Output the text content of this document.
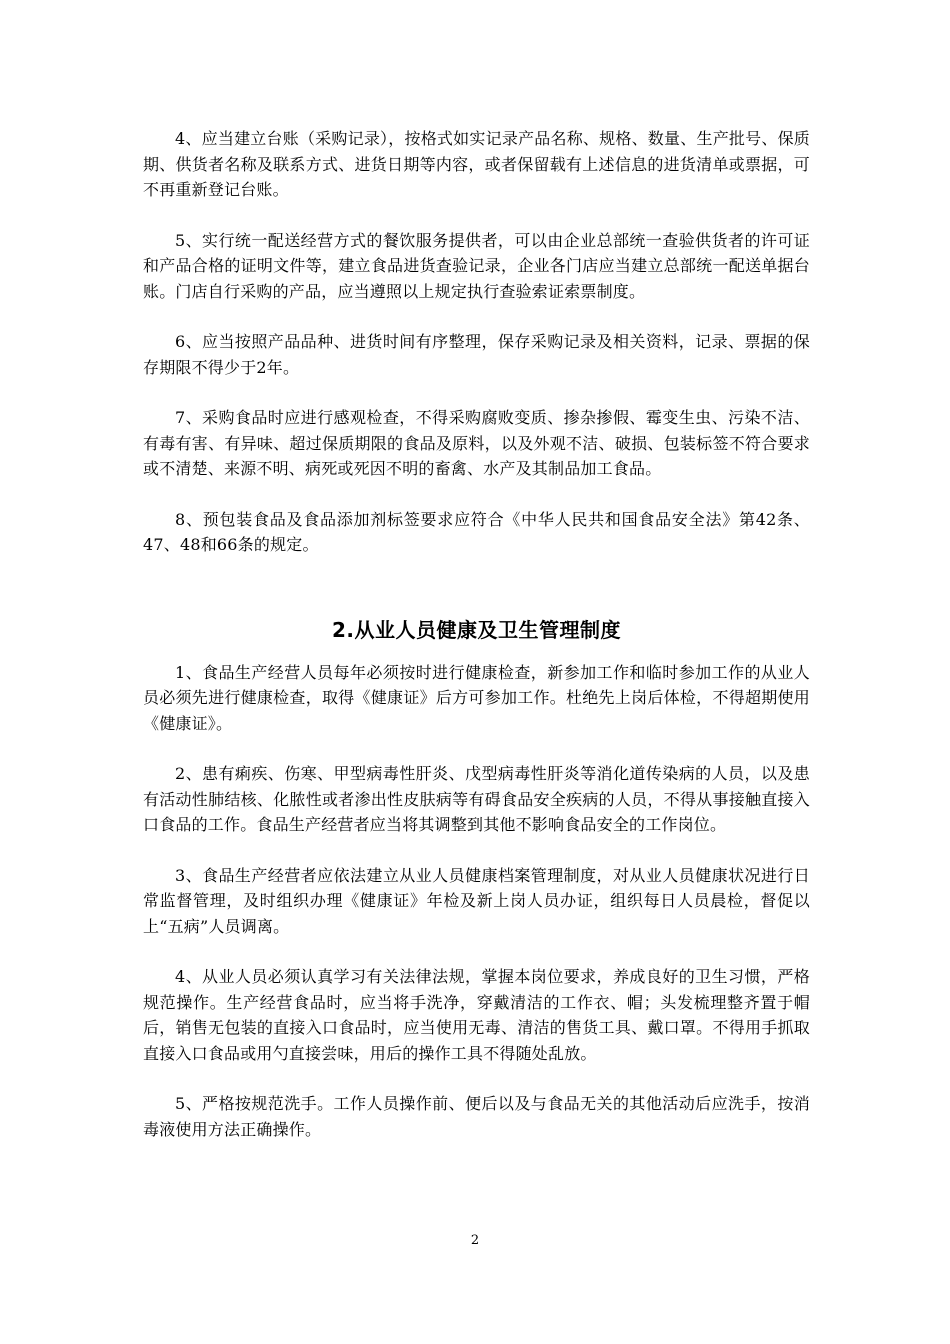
4、应当建立台账（采购记录），按格式如实记录产品名称、规格、数量、生产批号、保质期、供货者名称及联系方式、进货日期等内容，或者保留载有上述信息的进货清单或票据，可不再重新登记台账。

5、实行统一配送经营方式的餐饮服务提供者，可以由企业总部统一查验供货者的许可证和产品合格的证明文件等，建立食品进货查验记录，企业各门店应当建立总部统一配送单据台账。门店自行采购的产品，应当遵照以上规定执行查验索证索票制度。

6、应当按照产品品种、进货时间有序整理，保存采购记录及相关资料，记录、票据的保存期限不得少于2年。

7、采购食品时应进行感观检查，不得采购腐败变质、掺杂掺假、霉变生虫、污染不洁、有毒有害、有异味、超过保质期限的食品及原料，以及外观不洁、破损、包装标签不符合要求或不清楚、来源不明、病死或死因不明的畜禽、水产及其制品加工食品。

8、预包装食品及食品添加剂标签要求应符合《中华人民共和国食品安全法》第42条、47、48和66条的规定。

2.从业人员健康及卫生管理制度

1、食品生产经营人员每年必须按时进行健康检查，新参加工作和临时参加工作的从业人员必须先进行健康检查，取得《健康证》后方可参加工作。杜绝先上岗后体检，不得超期使用《健康证》。

2、患有痢疾、伤寒、甲型病毒性肝炎、戊型病毒性肝炎等消化道传染病的人员，以及患有活动性肺结核、化脓性或者渗出性皮肤病等有碍食品安全疾病的人员，不得从事接触直接入口食品的工作。食品生产经营者应当将其调整到其他不影响食品安全的工作岗位。

3、食品生产经营者应依法建立从业人员健康档案管理制度，对从业人员健康状况进行日常监督管理，及时组织办理《健康证》年检及新上岗人员办证，组织每日人员晨检，督促以上“五病”人员调离。

4、从业人员必须认真学习有关法律法规，掌握本岗位要求，养成良好的卫生习惯，严格规范操作。生产经营食品时，应当将手洗净，穿戴清洁的工作衣、帽；头发梳理整齐置于帽后，销售无包装的直接入口食品时，应当使用无毒、清洁的售货工具、戴口罩。不得用手抓取直接入口食品或用勺直接尝味，用后的操作工具不得随处乱放。

5、严格按规范洗手。工作人员操作前、便后以及与食品无关的其他活动后应洗手，按消毒液使用方法正确操作。

2
